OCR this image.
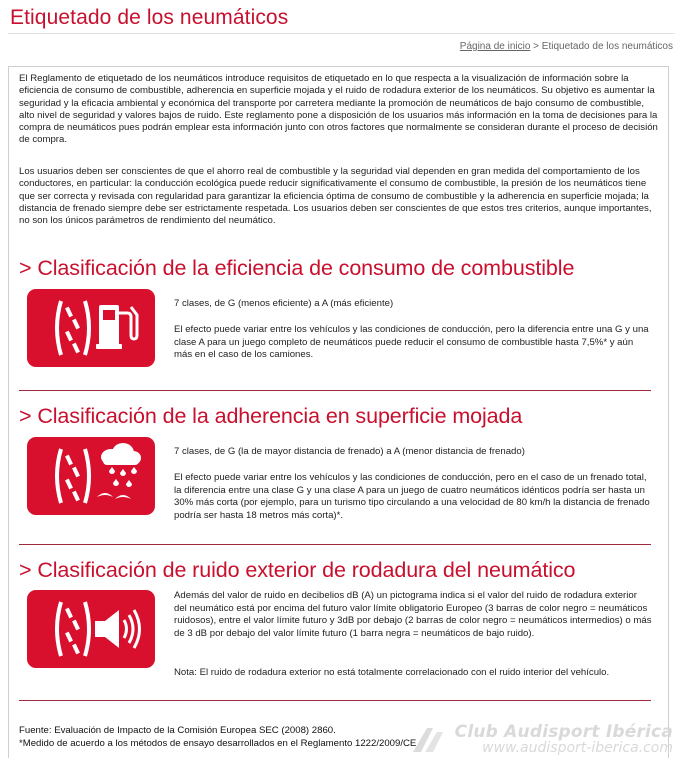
Etiquetado de los neumáticos
Página de inicio > Etiquetado de los neumáticos

El Reglamento de etiquetado de los neumáticos introduce requisitos de etiquetado en lo que respecta a la visualización de información sobre la eficiencia de consumo de combustible, adherencia en superficie mojada y el ruido de rodadura exterior de los neumáticos. Su objetivo es aumentar la seguridad y la eficacia ambiental y económica del transporte por carretera mediante la promoción de neumáticos de bajo consumo de combustible, alto nivel de seguridad y valores bajos de ruido. Este reglamento pone a disposición de los usuarios más información en la toma de decisiones para la compra de neumáticos pues podrán emplear esta información junto con otros factores que normalmente se consideran durante el proceso de decisión de compra.

Los usuarios deben ser conscientes de que el ahorro real de combustible y la seguridad vial dependen en gran medida del comportamiento de los conductores, en particular: la conducción ecológica puede reducir significativamente el consumo de combustible, la presión de los neumáticos tiene que ser correcta y revisada con regularidad para garantizar la eficiencia óptima de consumo de combustible y la adherencia en superficie mojada; la distancia de frenado siempre debe ser estrictamente respetada. Los usuarios deben ser conscientes de que estos tres criterios, aunque importantes, no son los únicos parámetros de rendimiento del neumático.

> Clasificación de la eficiencia de consumo de combustible

7 clases, de G (menos eficiente) a A (más eficiente)

El efecto puede variar entre los vehículos y las condiciones de conducción, pero la diferencia entre una G y una clase A para un juego completo de neumáticos puede reducir el consumo de combustible hasta 7,5%* y aún más en el caso de los camiones.

> Clasificación de la adherencia en superficie mojada

7 clases, de G (la de mayor distancia de frenado) a A (menor distancia de frenado)

El efecto puede variar entre los vehículos y las condiciones de conducción, pero en el caso de un frenado total, la diferencia entre una clase G y una clase A para un juego de cuatro neumáticos idénticos podría ser hasta un 30% más corta (por ejemplo, para un turismo tipo circulando a una velocidad de 80 km/h la distancia de frenado podría ser hasta 18 metros más corta)*.

> Clasificación de ruido exterior de rodadura del neumático

Además del valor de ruido en decibelios dB (A) un pictograma indica si el valor del ruido de rodadura exterior del neumático está por encima del futuro valor límite obligatorio Europeo (3 barras de color negro = neumáticos ruidosos), entre el valor límite futuro y 3dB por debajo (2 barras de color negro = neumáticos intermedios) o más de 3 dB por debajo del valor límite futuro (1 barra negra = neumáticos de bajo ruido).

Nota: El ruido de rodadura exterior no está totalmente correlacionado con el ruido interior del vehículo.

Fuente: Evaluación de Impacto de la Comisión Europea SEC (2008) 2860.

*Medido de acuerdo a los métodos de ensayo desarrollados en el Reglamento 1222/2009/CE

Club Audisport Ibérica
www.audisport-iberica.com
